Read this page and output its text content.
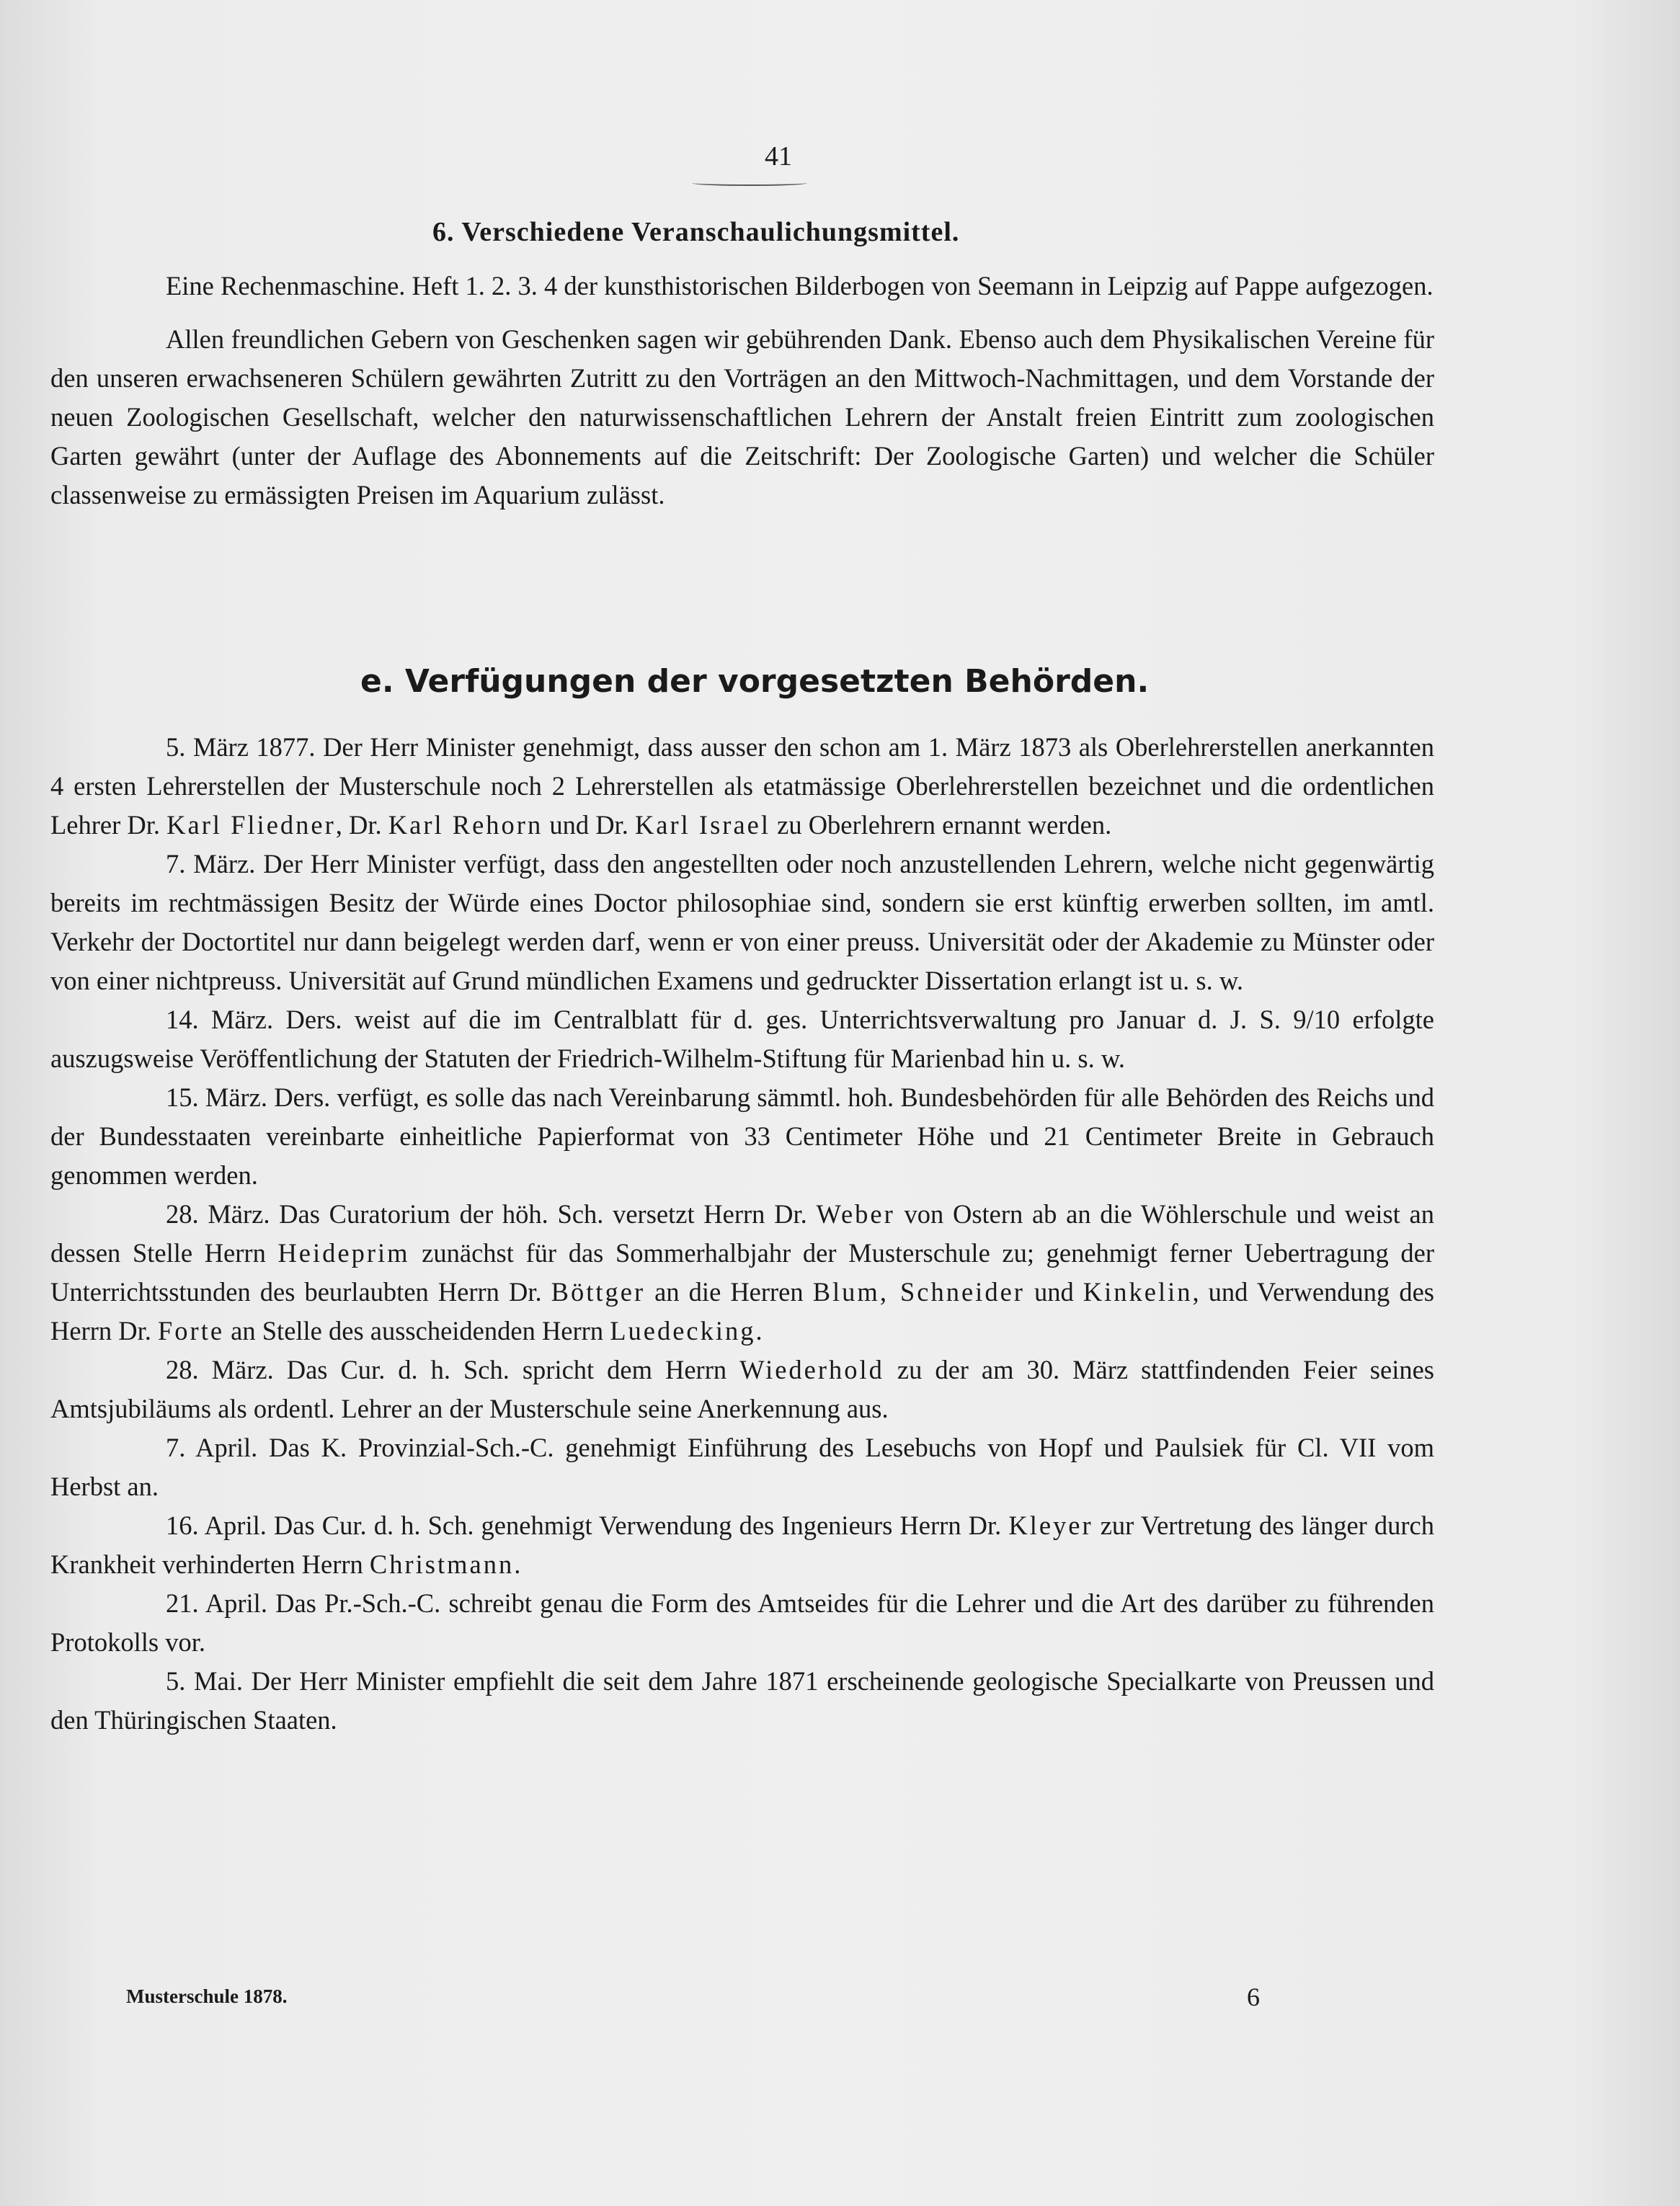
41
6. Verschiedene Veranschaulichungsmittel.

Eine Rechenmaschine. Heft 1. 2. 3. 4 der kunsthistorischen Bilderbogen von Seemann in Leipzig auf Pappe aufgezogen.

Allen freundlichen Gebern von Geschenken sagen wir gebührenden Dank. Ebenso auch dem Physikalischen Vereine für den unseren erwachseneren Schülern gewährten Zutritt zu den Vorträgen an den Mittwoch-Nachmittagen, und dem Vorstande der neuen Zoologischen Gesellschaft, welcher den naturwissenschaftlichen Lehrern der Anstalt freien Eintritt zum zoologischen Garten gewährt (unter der Auflage des Abonnements auf die Zeitschrift: Der Zoologische Garten) und welcher die Schüler classenweise zu ermässigten Preisen im Aquarium zulässt.

e. Verfügungen der vorgesetzten Behörden.

5. März 1877. Der Herr Minister genehmigt, dass ausser den schon am 1. März 1873 als Oberlehrerstellen anerkannten 4 ersten Lehrerstellen der Musterschule noch 2 Lehrerstellen als etatmässige Oberlehrerstellen bezeichnet und die ordentlichen Lehrer Dr. Karl Fliedner, Dr. Karl Rehorn und Dr. Karl Israel zu Oberlehrern ernannt werden.

7. März. Der Herr Minister verfügt, dass den angestellten oder noch anzustellenden Lehrern, welche nicht gegenwärtig bereits im rechtmässigen Besitz der Würde eines Doctor philosophiae sind, sondern sie erst künftig erwerben sollten, im amtl. Verkehr der Doctortitel nur dann beigelegt werden darf, wenn er von einer preuss. Universität oder der Akademie zu Münster oder von einer nichtpreuss. Universität auf Grund mündlichen Examens und gedruckter Dissertation erlangt ist u. s. w.

14. März. Ders. weist auf die im Centralblatt für d. ges. Unterrichtsverwaltung pro Januar d. J. S. 9/10 erfolgte auszugsweise Veröffentlichung der Statuten der Friedrich-Wilhelm-Stiftung für Marienbad hin u. s. w.

15. März. Ders. verfügt, es solle das nach Vereinbarung sämmtl. hoh. Bundesbehörden für alle Behörden des Reichs und der Bundesstaaten vereinbarte einheitliche Papierformat von 33 Centimeter Höhe und 21 Centimeter Breite in Gebrauch genommen werden.

28. März. Das Curatorium der höh. Sch. versetzt Herrn Dr. Weber von Ostern ab an die Wöhlerschule und weist an dessen Stelle Herrn Heideprim zunächst für das Sommerhalbjahr der Musterschule zu; genehmigt ferner Uebertragung der Unterrichtsstunden des beurlaubten Herrn Dr. Böttger an die Herren Blum, Schneider und Kinkelin, und Verwendung des Herrn Dr. Forte an Stelle des ausscheidenden Herrn Luedecking.

28. März. Das Cur. d. h. Sch. spricht dem Herrn Wiederhold zu der am 30. März stattfindenden Feier seines Amtsjubiläums als ordentl. Lehrer an der Musterschule seine Anerkennung aus.

7. April. Das K. Provinzial-Sch.-C. genehmigt Einführung des Lesebuchs von Hopf und Paulsiek für Cl. VII vom Herbst an.

16. April. Das Cur. d. h. Sch. genehmigt Verwendung des Ingenieurs Herrn Dr. Kleyer zur Vertretung des länger durch Krankheit verhinderten Herrn Christmann.

21. April. Das Pr.-Sch.-C. schreibt genau die Form des Amtseides für die Lehrer und die Art des darüber zu führenden Protokolls vor.

5. Mai. Der Herr Minister empfiehlt die seit dem Jahre 1871 erscheinende geologische Specialkarte von Preussen und den Thüringischen Staaten.

Musterschule 1878.	6
